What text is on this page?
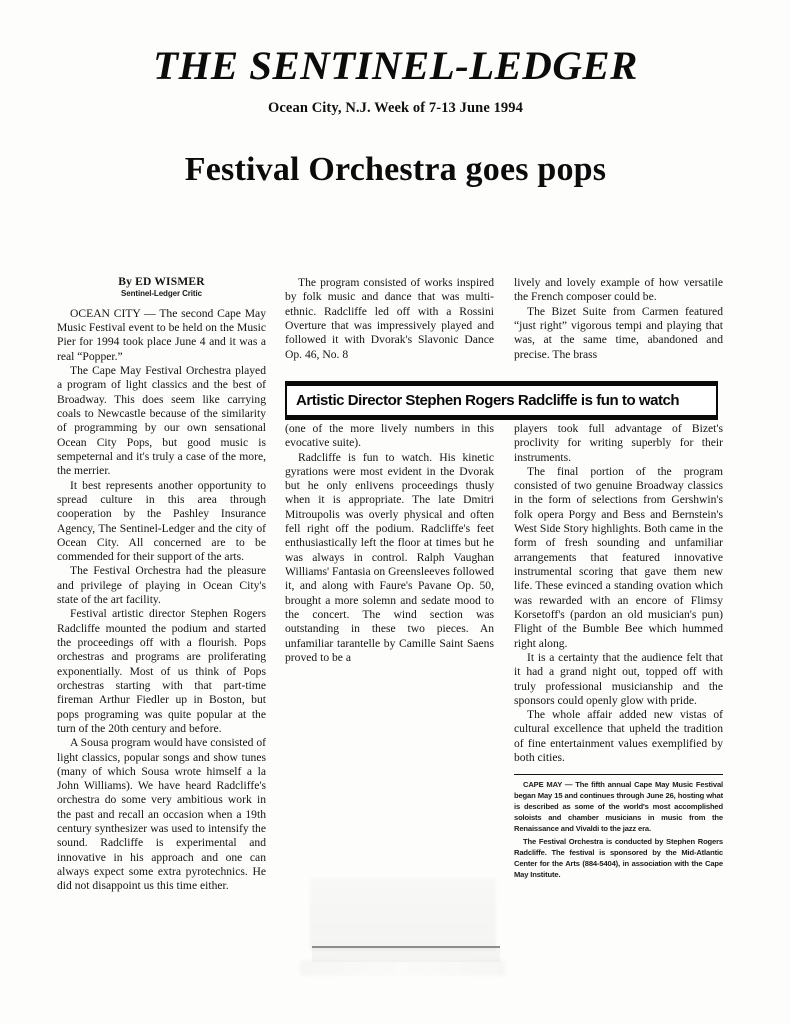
THE SENTINEL-LEDGER
Ocean City, N.J. Week of 7-13 June 1994
Festival Orchestra goes pops
By ED WISMER
Sentinel-Ledger Critic

OCEAN CITY — The second Cape May Music Festival event to be held on the Music Pier for 1994 took place June 4 and it was a real “Popper.”

The Cape May Festival Orchestra played a program of light classics and the best of Broadway. This does seem like carrying coals to Newcastle because of the similarity of programming by our own sensational Ocean City Pops, but good music is sempeternal and it's truly a case of the more, the merrier.

It best represents another opportunity to spread culture in this area through cooperation by the Pashley Insurance Agency, The Sentinel-Ledger and the city of Ocean City. All concerned are to be commended for their support of the arts.

The Festival Orchestra had the pleasure and privilege of playing in Ocean City's state of the art facility.

Festival artistic director Stephen Rogers Radcliffe mounted the podium and started the proceedings off with a flourish. Pops orchestras and programs are proliferating exponentially. Most of us think of Pops orchestras starting with that part-time fireman Arthur Fiedler up in Boston, but pops programing was quite popular at the turn of the 20th century and before.

A Sousa program would have consisted of light classics, popular songs and show tunes (many of which Sousa wrote himself a la John Williams). We have heard Radcliffe's orchestra do some very ambitious work in the past and recall an occasion when a 19th century synthesizer was used to intensify the sound. Radcliffe is experimental and innovative in his approach and one can always expect some extra pyrotechnics. He did not disappoint us this time either.

The program consisted of works inspired by folk music and dance that was multi-ethnic. Radcliffe led off with a Rossini Overture that was impressively played and followed it with Dvorak's Slavonic Dance Op. 46, No. 8

(one of the more lively numbers in this evocative suite).

Radcliffe is fun to watch. His kinetic gyrations were most evident in the Dvorak but he only enlivens proceedings thusly when it is appropriate. The late Dmitri Mitroupolis was overly physical and often fell right off the podium. Radcliffe's feet enthusiastically left the floor at times but he was always in control. Ralph Vaughan Williams' Fantasia on Greensleeves followed it, and along with Faure's Pavane Op. 50, brought a more solemn and sedate mood to the concert. The wind section was outstanding in these two pieces. An unfamiliar tarantelle by Camille Saint Saens proved to be a

lively and lovely example of how versatile the French composer could be.

The Bizet Suite from Carmen featured “just right” vigorous tempi and playing that was, at the same time, abandoned and precise. The brass

players took full advantage of Bizet's proclivity for writing superbly for their instruments.

The final portion of the program consisted of two genuine Broadway classics in the form of selections from Gershwin's folk opera Porgy and Bess and Bernstein's West Side Story highlights. Both came in the form of fresh sounding and unfamiliar arrangements that featured innovative instrumental scoring that gave them new life. These evinced a standing ovation which was rewarded with an encore of Flimsy Korsetoff's (pardon an old musician's pun) Flight of the Bumble Bee which hummed right along.

It is a certainty that the audience felt that it had a grand night out, topped off with truly professional musicianship and the sponsors could openly glow with pride.

The whole affair added new vistas of cultural excellence that upheld the tradition of fine entertainment values exemplified by both cities.

CAPE MAY — The fifth annual Cape May Music Festival began May 15 and continues through June 26, hosting what is described as some of the world's most accomplished soloists and chamber musicians in music from the Renaissance and Vivaldi to the jazz era.

The Festival Orchestra is conducted by Stephen Rogers Radcliffe. The festival is sponsored by the Mid-Atlantic Center for the Arts (884-5404), in association with the Cape May Institute.

Artistic Director Stephen Rogers Radcliffe is fun to watch
